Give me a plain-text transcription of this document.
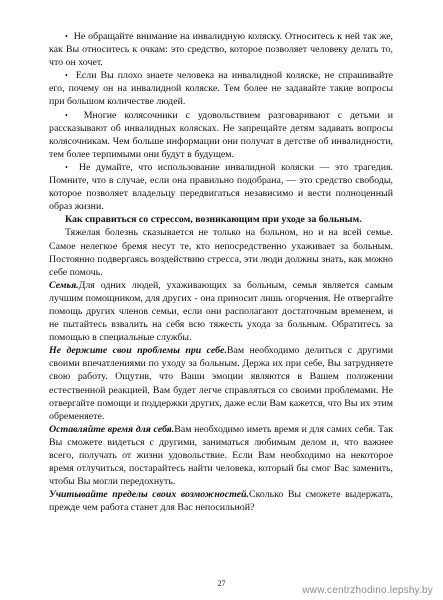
• Не обращайте внимание на инвалидную коляску. Относитесь к ней так же, как Вы относитесь к очкам: это средство, которое позволяет человеку делать то, что он хочет.

• Если Вы плохо знаете человека на инвалидной коляске, не спрашивайте его, почему он на инвалидной коляске. Тем более не задавайте такие вопросы при большом количестве людей.

• Многие колясочники с удовольствием разговаривают с детьми и рассказывают об инвалидных колясках. Не запрещайте детям задавать вопросы колясочникам. Чем больше информации они получат в детстве об инвалидности, тем более терпимыми они будут в будущем.

• Не думайте, что использование инвалидной коляски — это трагедия. Помните, что в случае, если она правильно подобрана, — это средство свободы, которое позволяет владельцу передвигаться независимо и вести полноценный образ жизни.

Как справиться со стрессом, возникающим при уходе за больным.

Тяжелая болезнь сказывается не только на больном, но и на всей семье. Самое нелегкое бремя несут те, кто непосредственно ухаживает за больным. Постоянно подвергаясь воздействию стресса, эти люди должны знать, как можно себе помочь.

Семья.Для одних людей, ухаживающих за больным, семья является самым лучшим помощником, для других - она приносит лишь огорчения. Не отвергайте помощь других членов семьи, если они располагают достаточным временем, и не пытайтесь взвалить на себя всю тяжесть ухода за больным. Обратитесь за помощью в специальные службы.

Не держите свои проблемы при себе.Вам необходимо делиться с другими своими впечатлениями по уходу за больным. Держа их при себе, Вы затрудняете свою работу. Ощутив, что Ваши эмоции являются в Вашем положении естественной реакцией, Вам будет легче справляться со своими проблемами. Не отвергайте помощи и поддержки других, даже если Вам кажется, что Вы их этим обременяете.

Оставляйте время для себя.Вам необходимо иметь время и для самих себя. Так Вы сможете видеться с другими, заниматься любимым делом и, что важнее всего, получать от жизни удовольствие. Если Вам необходимо на некоторое время отлучиться, постарайтесь найти человека, который бы смог Вас заменить, чтобы Вы могли передохнуть.

Учитывайте пределы своих возможностей.Сколько Вы сможете выдержать, прежде чем работа станет для Вас непосильной?

27
www.centrzhodino.lepshy.by
